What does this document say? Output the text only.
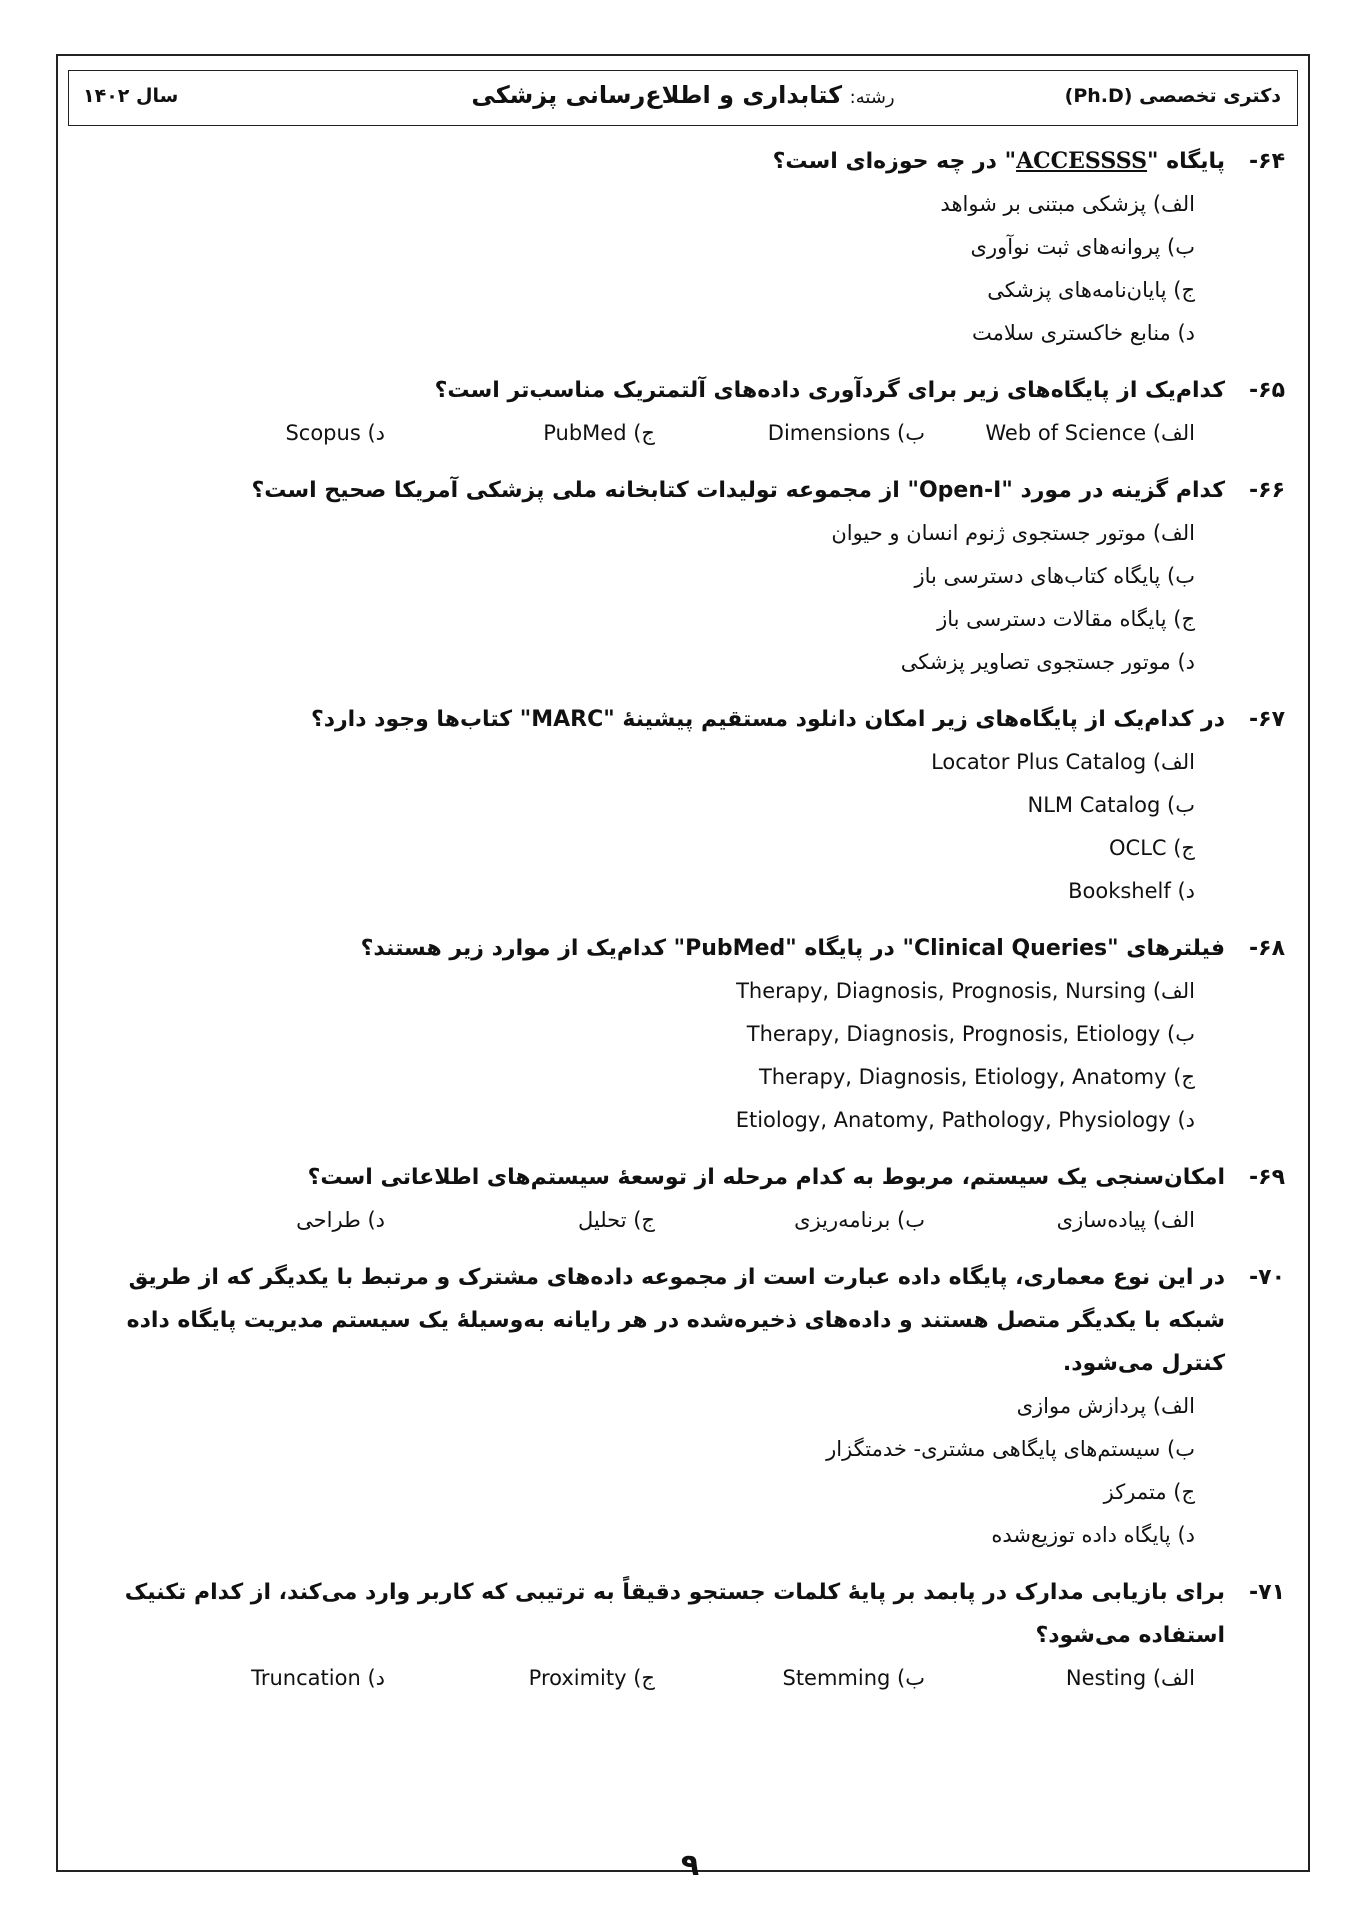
دکتری تخصصی (Ph.D)
رشته: کتابداری و اطلاع‌رسانی پزشکی
سال ۱۴۰۲
۶۴-
پایگاه "ACCESSSS" در چه حوزه‌ای است؟
الف) پزشکی مبتنی بر شواهد
ب) پروانه‌های ثبت نوآوری
ج) پایان‌نامه‌های پزشکی
د) منابع خاکستری سلامت
۶۵-
کدام‌یک از پایگاه‌های زیر برای گردآوری داده‌های آلتمتریک مناسب‌تر است؟
الف) Web of Science
ب) Dimensions
ج) PubMed
د) Scopus
۶۶-
کدام گزینه در مورد "Open-I" از مجموعه تولیدات کتابخانه ملی پزشکی آمریکا صحیح است؟
الف) موتور جستجوی ژنوم انسان و حیوان
ب) پایگاه کتاب‌های دسترسی باز
ج) پایگاه مقالات دسترسی باز
د) موتور جستجوی تصاویر پزشکی
۶۷-
در کدام‌یک از پایگاه‌های زیر امکان دانلود مستقیم پیشینهٔ "MARC" کتاب‌ها وجود دارد؟
الف) Locator Plus Catalog
ب) NLM Catalog
ج) OCLC
د) Bookshelf
۶۸-
فیلترهای "Clinical Queries" در پایگاه "PubMed" کدام‌یک از موارد زیر هستند؟
الف) Therapy, Diagnosis, Prognosis, Nursing
ب) Therapy, Diagnosis, Prognosis, Etiology
ج) Therapy, Diagnosis, Etiology, Anatomy
د) Etiology, Anatomy, Pathology, Physiology
۶۹-
امکان‌سنجی یک سیستم، مربوط به کدام مرحله از توسعهٔ سیستم‌های اطلاعاتی است؟
الف) پیاده‌سازی
ب) برنامه‌ریزی
ج) تحلیل
د) طراحی
۷۰-
در این نوع معماری، پایگاه داده عبارت است از مجموعه داده‌های مشترک و مرتبط با یکدیگر که از طریق شبکه با یکدیگر متصل هستند و داده‌های ذخیره‌شده در هر رایانه به‌وسیلهٔ یک سیستم مدیریت پایگاه داده کنترل می‌شود.
الف) پردازش موازی
ب) سیستم‌های پایگاهی مشتری- خدمتگزار
ج) متمرکز
د) پایگاه داده توزیع‌شده
۷۱-
برای بازیابی مدارک در پابمد بر پایهٔ کلمات جستجو دقیقاً به ترتیبی که کاربر وارد می‌کند، از کدام تکنیک استفاده می‌شود؟
الف) Nesting
ب) Stemming
ج) Proximity
د) Truncation
۹
